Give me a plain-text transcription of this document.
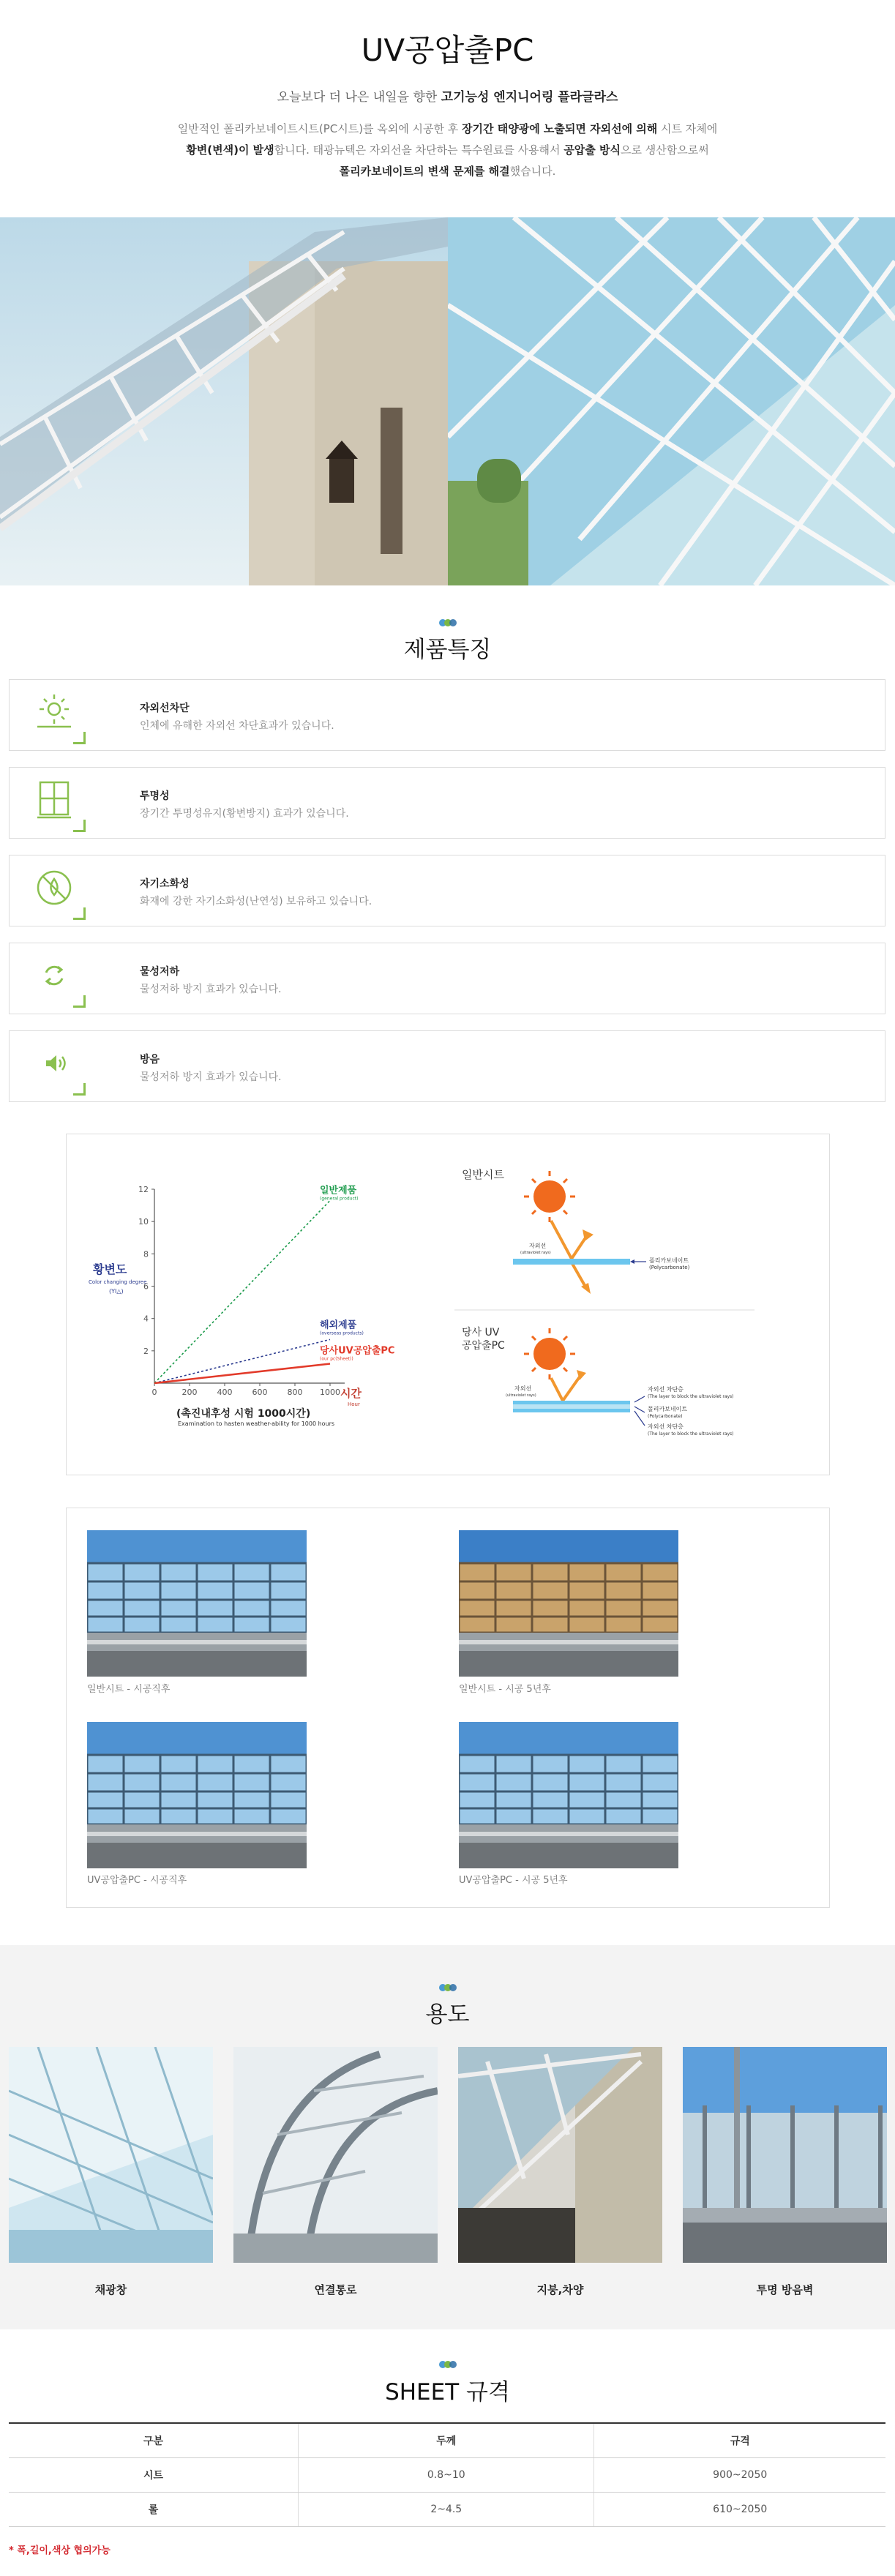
UV공압출PC
오늘보다 더 나은 내일을 향한 고기능성 엔지니어링 플라글라스
일반적인 폴리카보네이트시트(PC시트)를 옥외에 시공한 후 장기간 태양광에 노출되면 자외선에 의해 시트 자체에
황변(변색)이 발생합니다. 태광뉴텍은 자외선을 차단하는 특수원료를 사용해서 공압출 방식으로 생산함으로써
폴리카보네이트의 변색 문제를 해결했습니다.
제품특징
자외선차단
인체에 유해한 자외선 차단효과가 있습니다.
투명성
장기간 투명성유지(황변방지) 효과가 있습니다.
자기소화성
화재에 강한 자기소화성(난연성) 보유하고 있습니다.
물성저하
물성저하 방지 효과가 있습니다.
방음
물성저하 방지 효과가 있습니다.
0	200 400 600 800 1000
2
4
6
8
10
12	일반제품
(general product)
해외제품
(overseas products)
당사UV공압출PC
(our pc(Sheet))
황변도
Color changing degree
(YI△)
시간
Hour
(촉진내후성 시험 1000시간)
Examination to hasten weather-ability for 1000 hours
일반시트
자외선
(ultraviolet rays)
폴리카보네이트
(Polycarbonate)
당사 UV
공압출PC
자외선
(ultraviolet rays)
자외선 차단층
(The layer to block the ultraviolet rays)
폴리카보네이트
(Polycarbonate)
자외선 차단층
(The layer to block the ultraviolet rays)
일반시트 - 시공직후	일반시트 - 시공 5년후
UV공압출PC - 시공직후	UV공압출PC - 시공 5년후
용도
채광창	연결통로	지붕,차양	투명 방음벽
SHEET 규격
구분	두께	규격
시트	0.8~10	900~2050
롤	2~4.5	610~2050
* 폭,길이,색상 협의가능
